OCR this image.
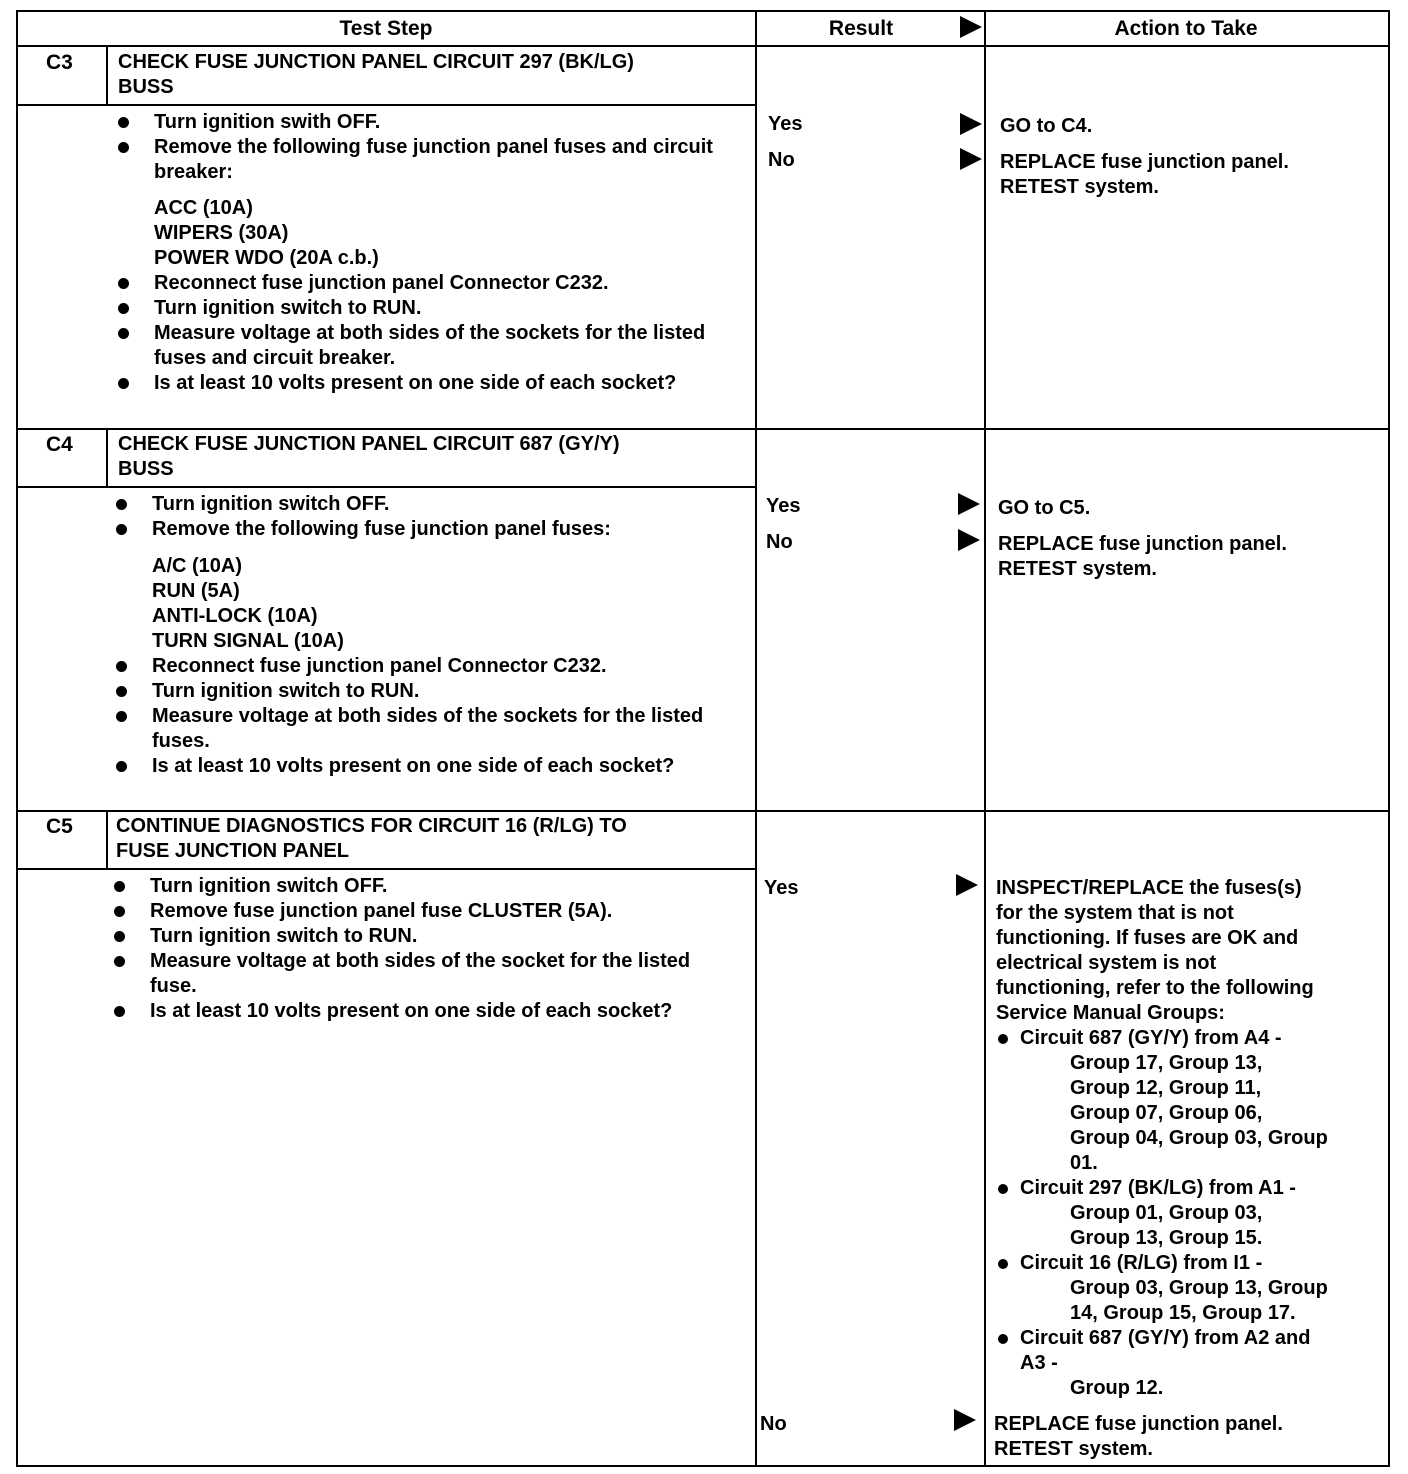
Test Step	Result	Action to Take
C3 CHECK FUSE JUNCTION PANEL CIRCUIT 297 (BK/LG)
BUSS
Turn ignition swith OFF.
Remove the following fuse junction panel fuses and circuit breaker:
ACC (10A)
WIPERS (30A)
POWER WDO (20A c.b.)
Reconnect fuse junction panel Connector C232.
Turn ignition switch to RUN.
Measure voltage at both sides of the sockets for the listed fuses and circuit breaker.
Is at least 10 volts present on one side of each socket?
Yes	GO to C4.
No	REPLACE fuse junction panel.
RETEST system.
C4 CHECK FUSE JUNCTION PANEL CIRCUIT 687 (GY/Y)
BUSS
Turn ignition switch OFF.
Remove the following fuse junction panel fuses:
A/C (10A)
RUN (5A)
ANTI-LOCK (10A)
TURN SIGNAL (10A)
Reconnect fuse junction panel Connector C232.
Turn ignition switch to RUN.
Measure voltage at both sides of the sockets for the listed fuses.
Is at least 10 volts present on one side of each socket?
Yes	GO to C5.
No	REPLACE fuse junction panel.
RETEST system.
C5 CONTINUE DIAGNOSTICS FOR CIRCUIT 16 (R/LG) TO
FUSE JUNCTION PANEL
Turn ignition switch OFF.
Remove fuse junction panel fuse CLUSTER (5A).
Turn ignition switch to RUN.
Measure voltage at both sides of the socket for the listed fuse.
Is at least 10 volts present on one side of each socket?
Yes	INSPECT/REPLACE the fuses(s)
for the system that is not
functioning. If fuses are OK and
electrical system is not
functioning, refer to the following
Service Manual Groups:
Circuit 687 (GY/Y) from A4 -
Group 17, Group 13,
Group 12, Group 11,
Group 07, Group 06,
Group 04, Group 03, Group
01.
Circuit 297 (BK/LG) from A1 -
Group 01, Group 03,
Group 13, Group 15.
Circuit 16 (R/LG) from I1 -
Group 03, Group 13, Group
14, Group 15, Group 17.
Circuit 687 (GY/Y) from A2 and
A3 -
Group 12.
No	REPLACE fuse junction panel.
RETEST system.
